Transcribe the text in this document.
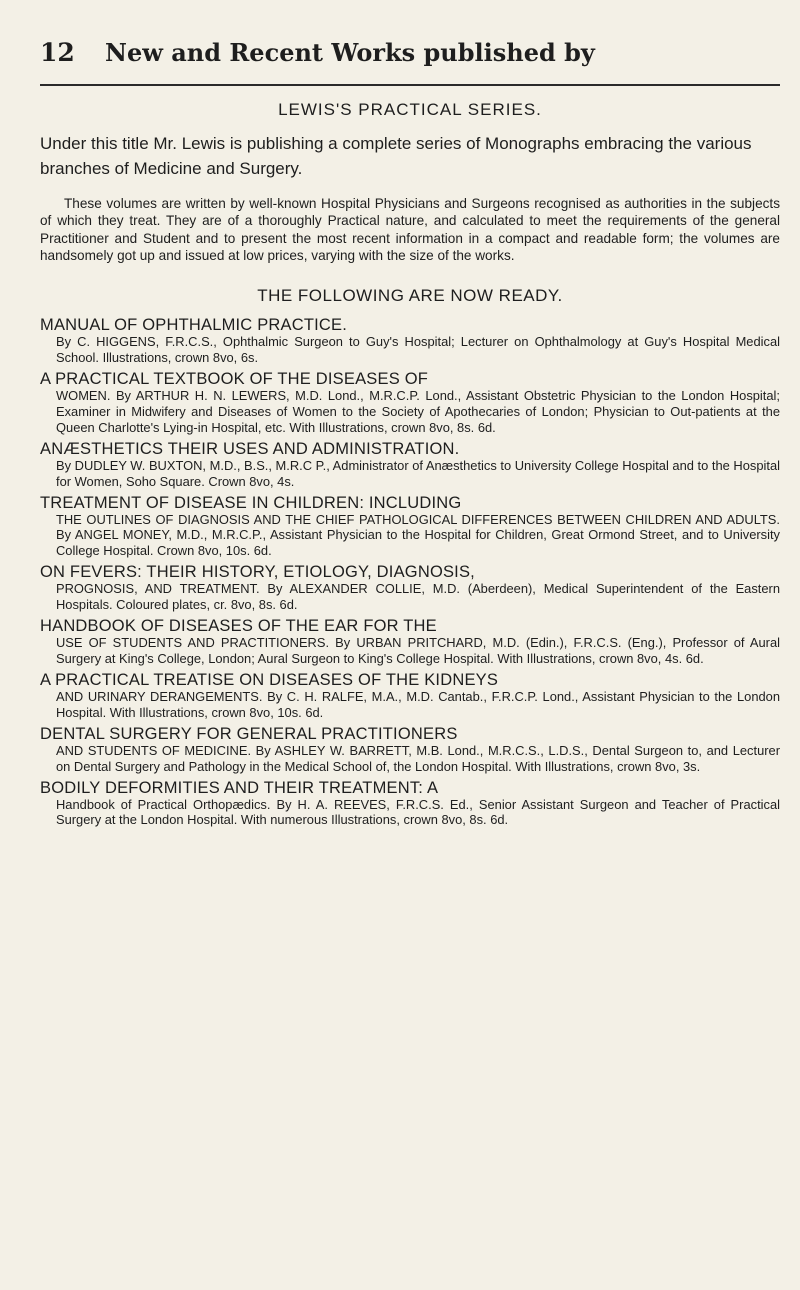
12 New and Recent Works published by
LEWIS'S PRACTICAL SERIES.

Under this title Mr. Lewis is publishing a complete series of Monographs embracing the various branches of Medicine and Surgery.

These volumes are written by well-known Hospital Physicians and Surgeons recognised as authorities in the subjects of which they treat. They are of a thoroughly Practical nature, and calculated to meet the requirements of the general Practitioner and Student and to present the most recent information in a compact and readable form; the volumes are handsomely got up and issued at low prices, varying with the size of the works.

THE FOLLOWING ARE NOW READY.
MANUAL OF OPHTHALMIC PRACTICE.
By C. HIGGENS, F.R.C.S., Ophthalmic Surgeon to Guy's Hospital; Lecturer on Ophthalmology at Guy's Hospital Medical School. Illustrations, crown 8vo, 6s.
A PRACTICAL TEXTBOOK OF THE DISEASES OF
WOMEN. By ARTHUR H. N. LEWERS, M.D. Lond., M.R.C.P. Lond., Assistant Obstetric Physician to the London Hospital; Examiner in Midwifery and Diseases of Women to the Society of Apothecaries of London; Physician to Out-patients at the Queen Charlotte's Lying-in Hospital, etc. With Illustrations, crown 8vo, 8s. 6d.
ANÆSTHETICS THEIR USES AND ADMINISTRATION.
By DUDLEY W. BUXTON, M.D., B.S., M.R.C P., Administrator of Anæsthetics to University College Hospital and to the Hospital for Women, Soho Square. Crown 8vo, 4s.
TREATMENT OF DISEASE IN CHILDREN: INCLUDING
THE OUTLINES OF DIAGNOSIS AND THE CHIEF PATHOLOGICAL DIFFERENCES BETWEEN CHILDREN AND ADULTS. By ANGEL MONEY, M.D., M.R.C.P., Assistant Physician to the Hospital for Children, Great Ormond Street, and to University College Hospital. Crown 8vo, 10s. 6d.
ON FEVERS: THEIR HISTORY, ETIOLOGY, DIAGNOSIS,
PROGNOSIS, AND TREATMENT. By ALEXANDER COLLIE, M.D. (Aberdeen), Medical Superintendent of the Eastern Hospitals. Coloured plates, cr. 8vo, 8s. 6d.
HANDBOOK OF DISEASES OF THE EAR FOR THE
USE OF STUDENTS AND PRACTITIONERS. By URBAN PRITCHARD, M.D. (Edin.), F.R.C.S. (Eng.), Professor of Aural Surgery at King's College, London; Aural Surgeon to King's College Hospital. With Illustrations, crown 8vo, 4s. 6d.
A PRACTICAL TREATISE ON DISEASES OF THE KIDNEYS
AND URINARY DERANGEMENTS. By C. H. RALFE, M.A., M.D. Cantab., F.R.C.P. Lond., Assistant Physician to the London Hospital. With Illustrations, crown 8vo, 10s. 6d.
DENTAL SURGERY FOR GENERAL PRACTITIONERS
AND STUDENTS OF MEDICINE. By ASHLEY W. BARRETT, M.B. Lond., M.R.C.S., L.D.S., Dental Surgeon to, and Lecturer on Dental Surgery and Pathology in the Medical School of, the London Hospital. With Illustrations, crown 8vo, 3s.
BODILY DEFORMITIES AND THEIR TREATMENT: A
Handbook of Practical Orthopædics. By H. A. REEVES, F.R.C.S. Ed., Senior Assistant Surgeon and Teacher of Practical Surgery at the London Hospital. With numerous Illustrations, crown 8vo, 8s. 6d.
